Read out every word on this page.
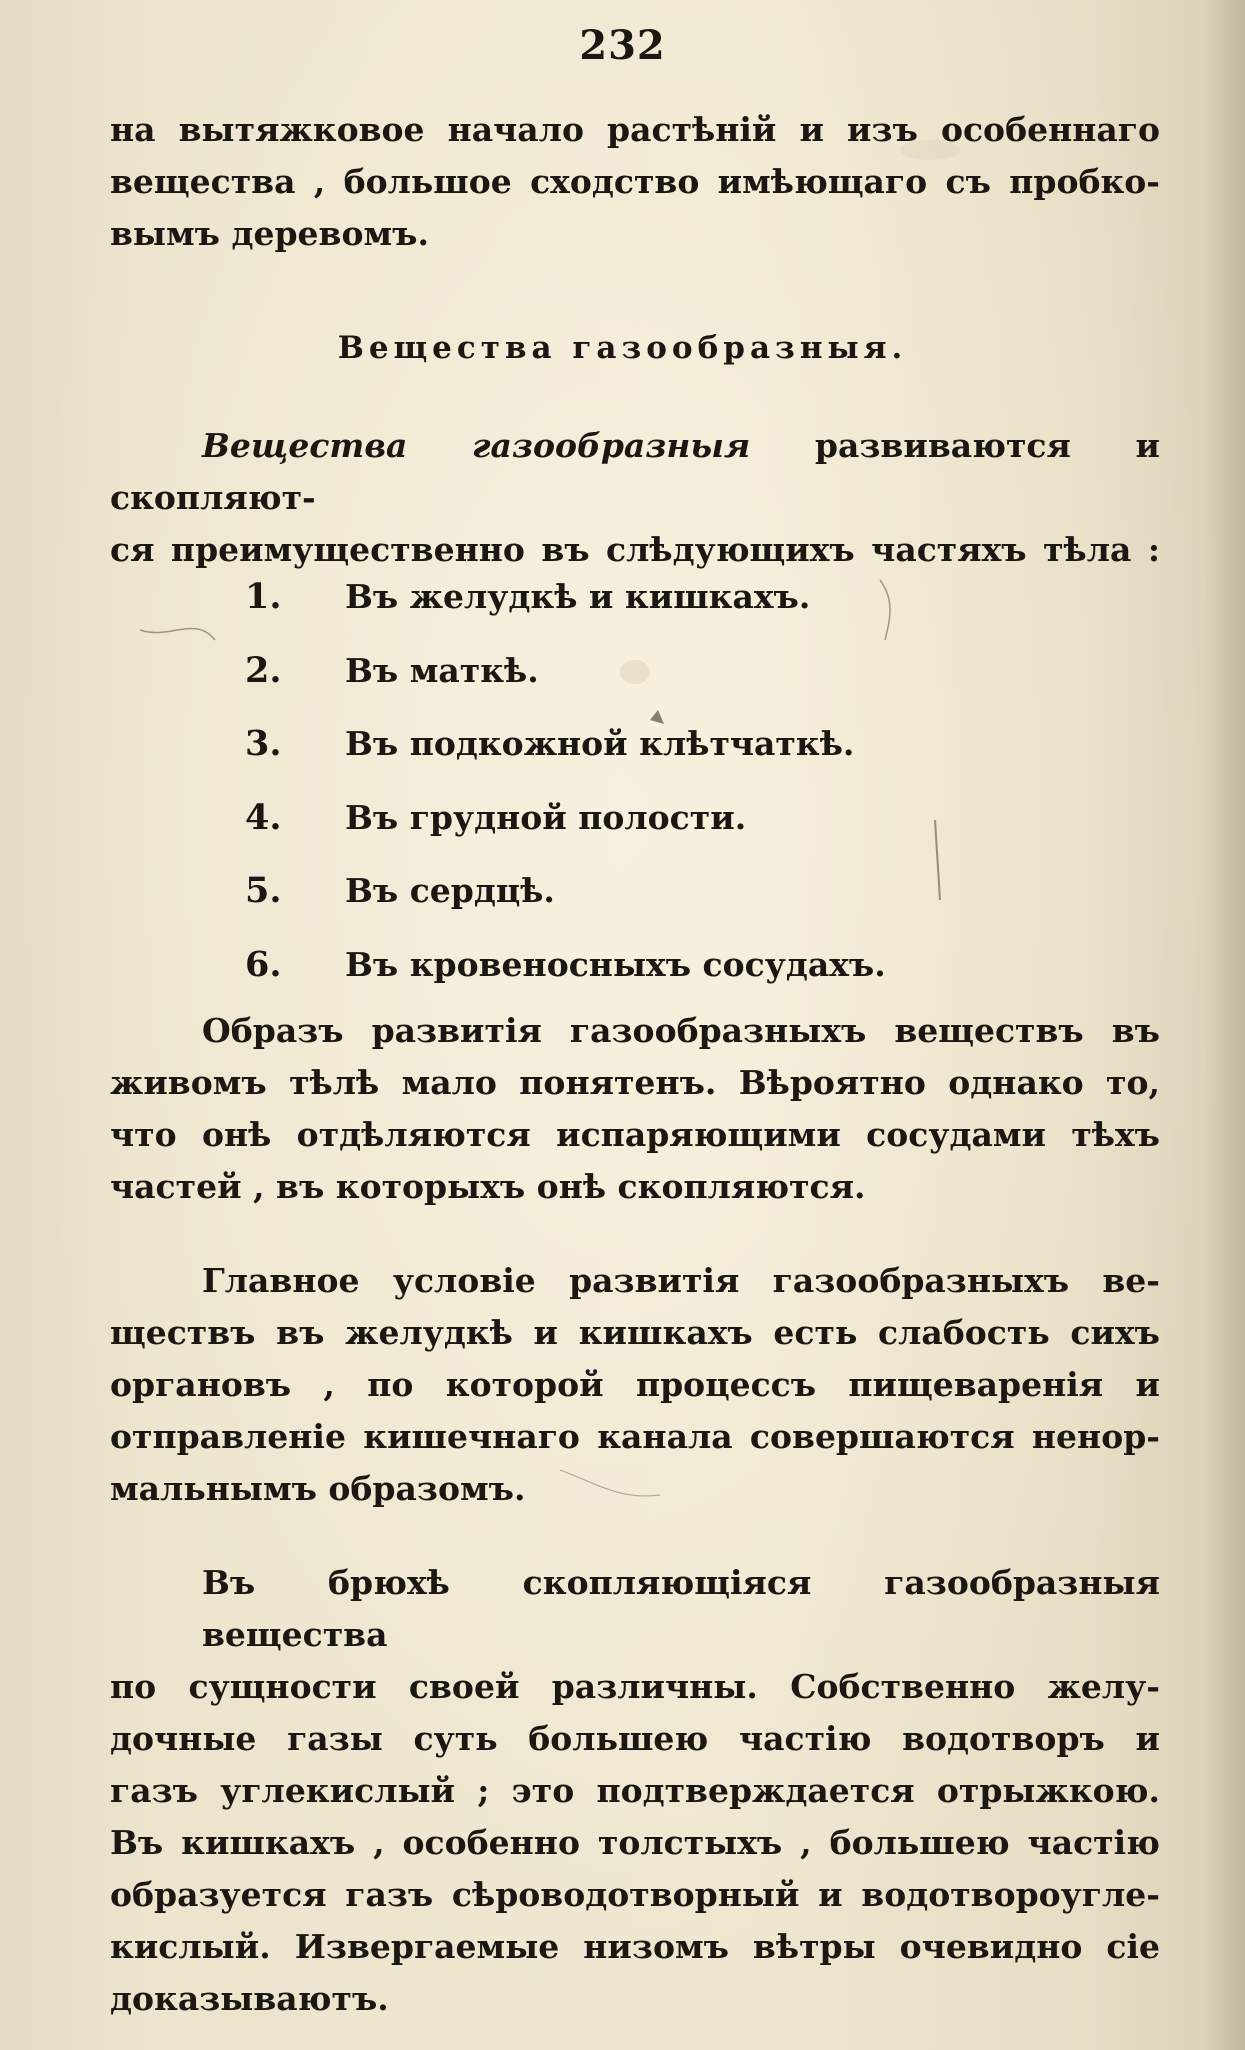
232
на вытяжковое начало растѣній и изъ особеннаго
вещества , большое сходство имѣющаго съ пробко-
вымъ деревомъ.
Вещества газообразныя.
Вещества газообразныя развиваются и скопляют-
ся преимущественно въ слѣдующихъ частяхъ тѣла :
1.	Въ желудкѣ и кишкахъ.
2.	Въ маткѣ.
3.	Въ подкожной клѣтчаткѣ.
4.	Въ грудной полости.
5.	Въ сердцѣ.
6.	Въ кровеносныхъ сосудахъ.
Образъ развитія газообразныхъ веществъ въ
живомъ тѣлѣ мало понятенъ. Вѣроятно однако то,
что онѣ отдѣляются испаряющими сосудами тѣхъ
частей , въ которыхъ онѣ скопляются.
Главное условіе развитія газообразныхъ ве-
ществъ въ желудкѣ и кишкахъ есть слабость сихъ
органовъ , по которой процессъ пищеваренія и
отправленіе кишечнаго канала совершаются ненор-
мальнымъ образомъ.
Въ брюхѣ скопляющіяся газообразныя вещества
по сущности своей различны. Собственно желу-
дочные газы суть большею частію водотворъ и
газъ углекислый ; это подтверждается отрыжкою.
Въ кишкахъ , особенно толстыхъ , большею частію
образуется газъ сѣроводотворный и водотвороугле-
кислый. Извергаемые низомъ вѣтры очевидно сіе
доказываютъ.
